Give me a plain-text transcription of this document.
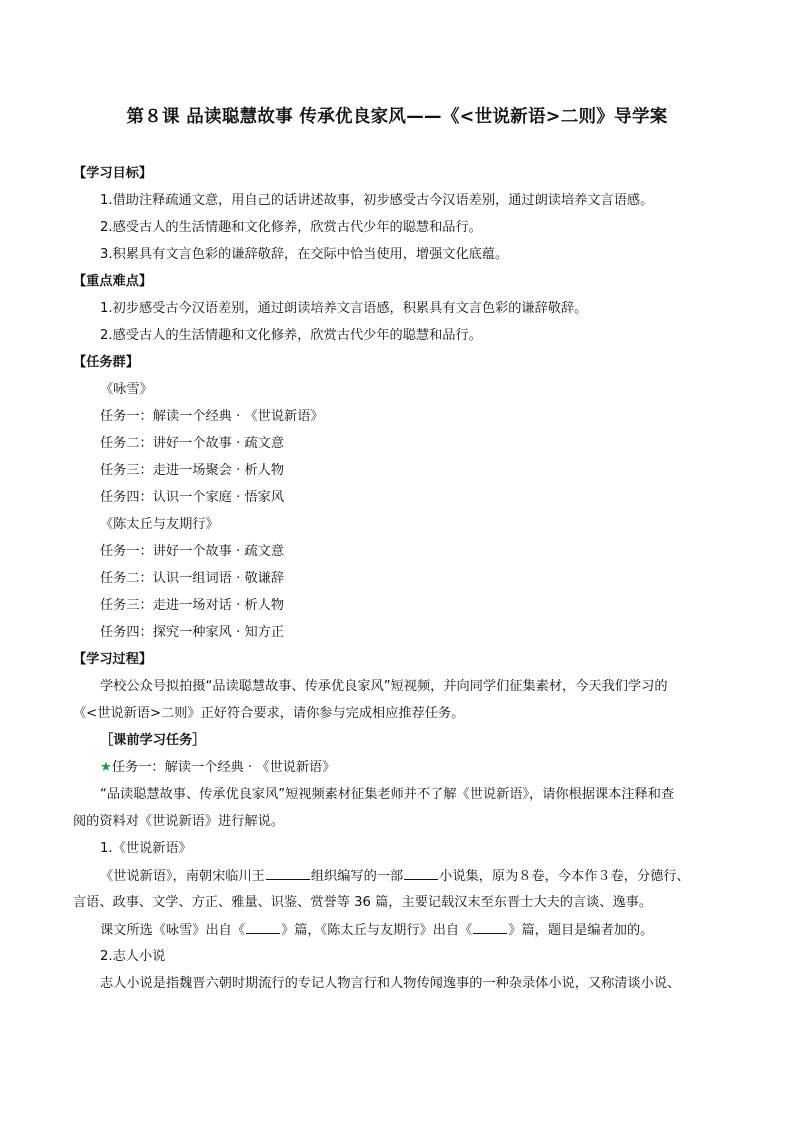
第８课 品读聪慧故事 传承优良家风——《<世说新语>二则》导学案
【学习目标】
1.借助注释疏通文意，用自己的话讲述故事，初步感受古今汉语差别，通过朗读培养文言语感。
2.感受古人的生活情趣和文化修养，欣赏古代少年的聪慧和品行。
3.积累具有文言色彩的谦辞敬辞，在交际中恰当使用，增强文化底蕴。
【重点难点】
1.初步感受古今汉语差别，通过朗读培养文言语感，积累具有文言色彩的谦辞敬辞。
2.感受古人的生活情趣和文化修养，欣赏古代少年的聪慧和品行。
【任务群】
《咏雪》
任务一：解读一个经典 · 《世说新语》
任务二：讲好一个故事 · 疏文意
任务三：走进一场聚会 · 析人物
任务四：认识一个家庭 · 悟家风
《陈太丘与友期行》
任务一：讲好一个故事 · 疏文意
任务二：认识一组词语 · 敬谦辞
任务三：走进一场对话 · 析人物
任务四：探究一种家风 · 知方正
【学习过程】
学校公众号拟拍摄“品读聪慧故事、传承优良家风”短视频，并向同学们征集素材，今天我们学习的
《<世说新语>二则》正好符合要求，请你参与完成相应推荐任务。
［课前学习任务］
★任务一：解读一个经典 · 《世说新语》
“品读聪慧故事、传承优良家风”短视频素材征集老师并不了解《世说新语》，请你根据课本注释和查
阅的资料对《世说新语》进行解说。
1.《世说新语》
《世说新语》，南朝宋临川王	组织编写的一部	小说集，原为８卷，今本作３卷，分德行、
言语、政事、文学、方正、雅量、识鉴、赏誉等 36 篇，主要记载汉末至东晋士大夫的言谈、逸事。
课文所选《咏雪》出自《	》篇，《陈太丘与友期行》出自《	》篇，题目是编者加的。
2.志人小说
志人小说是指魏晋六朝时期流行的专记人物言行和人物传闻逸事的一种杂录体小说，又称清谈小说、
